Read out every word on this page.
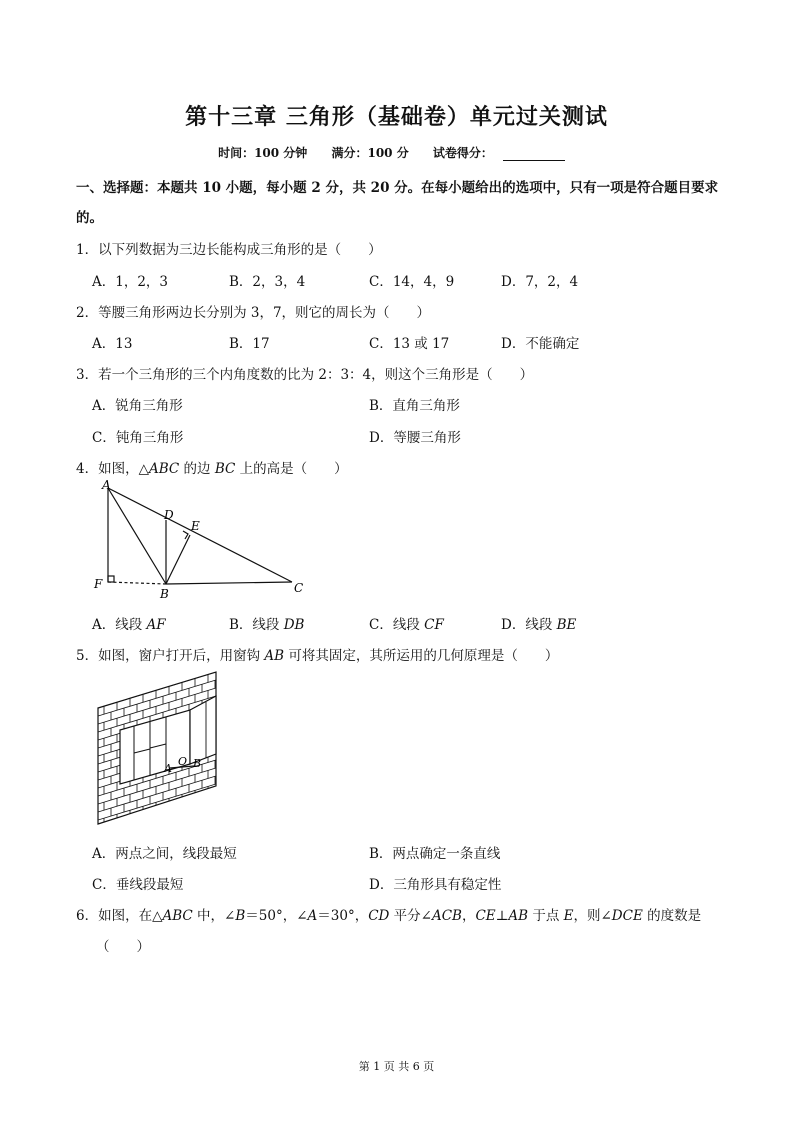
第十三章 三角形（基础卷）单元过关测试
时间：100 分钟 满分：100 分 试卷得分：
一、选择题：本题共 10 小题，每小题 2 分，共 20 分。在每小题给出的选项中，只有一项是符合题目要求
的。
1．以下列数据为三边长能构成三角形的是（　　）
A．1，2，3	B．2，3，4	C．14，4，9	D．7，2，4
2．等腰三角形两边长分别为 3，7，则它的周长为（　　）
A．13	B．17	C．13 或 17	D．不能确定
3．若一个三角形的三个内角度数的比为 2：3：4，则这个三角形是（　　）
A．锐角三角形	B．直角三角形
C．钝角三角形	D．等腰三角形
4．如图，△ABC 的边 BC 上的高是（　　）
A
D
E
F
B	C
A．线段 AF	B．线段 DB	C．线段 CF	D．线段 BE
5．如图，窗户打开后，用窗钩 AB 可将其固定，其所运用的几何原理是（　　）
A
O B
A．两点之间，线段最短	B．两点确定一条直线
C．垂线段最短	D．三角形具有稳定性
6．如图，在△ABC 中，∠B＝50°，∠A＝30°，CD 平分∠ACB，CE⊥AB 于点 E，则∠DCE 的度数是
（　　）
第 1 页 共 6 页
